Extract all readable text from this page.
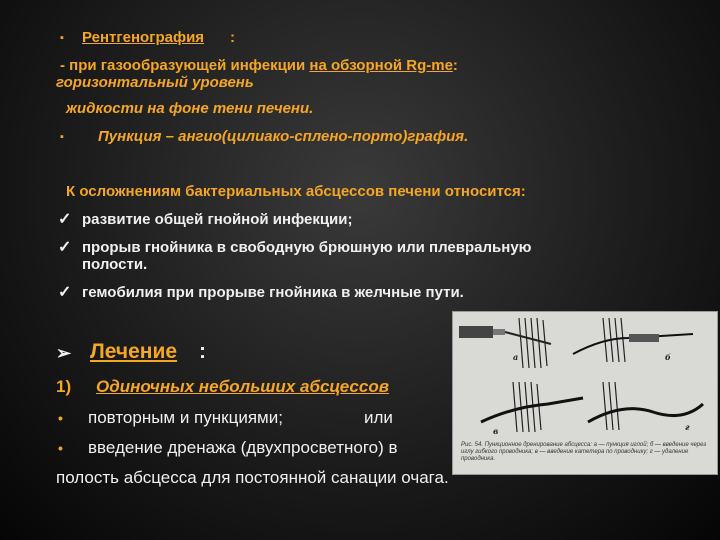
▪ Рентгенография :
- при газообразующей инфекции на обзорной Rg-me:
горизонтальный уровень
жидкости на фоне тени печени.
▪ Пункция – ангио(цилиако-сплено-порто)графия.
К осложнениям бактериальных абсцессов печени относится:
✓ развитие общей гнойной инфекции;
✓ прорыв гнойника в свободную брюшную или плевральную
полости.
✓ гемобилия при прорыве гнойника в желчные пути.
➢ Лечение :
1) Одиночных небольших абсцессов
• повторным и пункциями;	или
• введение дренажа (двухпросветного) в
полость абсцесса для постоянной санации очага.
а	б
в	г
Рис. 54. Пункционное дренирование абсцесса: а — пункция иглой; б — введение через иглу гибкого проводника; в — введение катетера по проводнику; г — удаление проводника.
